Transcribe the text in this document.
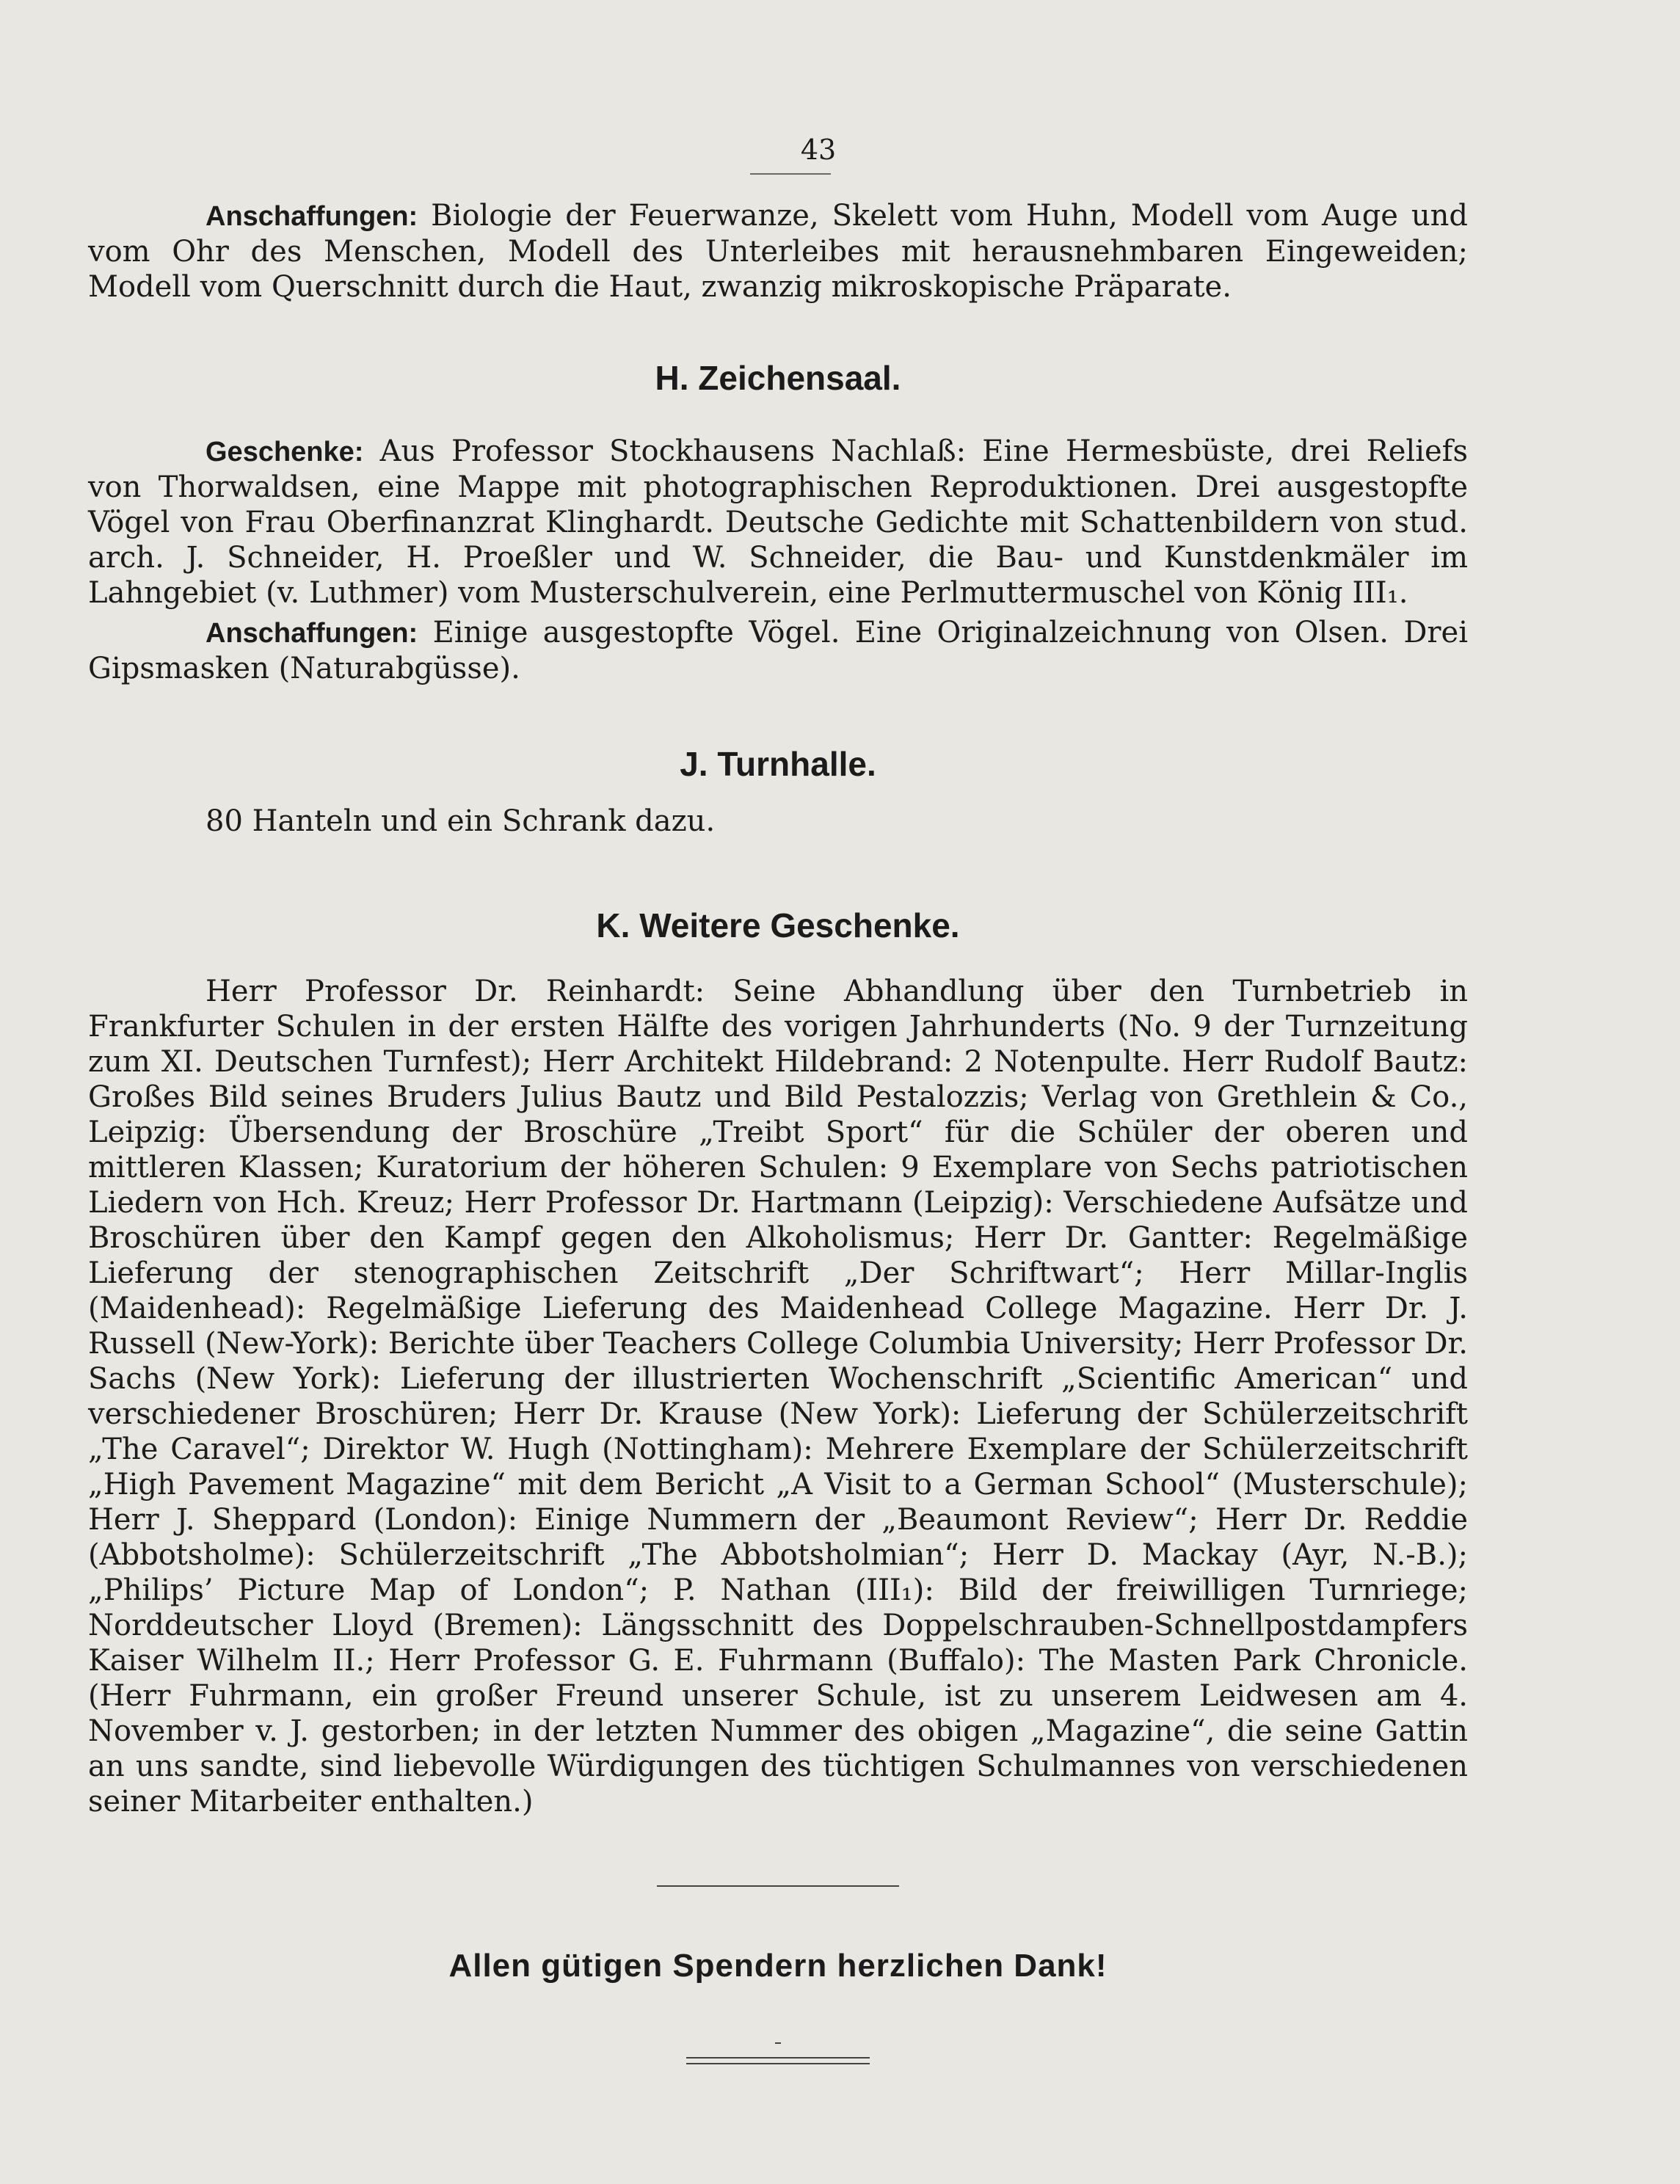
43

Anschaffungen: Biologie der Feuerwanze, Skelett vom Huhn, Modell vom Auge und vom Ohr des Menschen, Modell des Unterleibes mit herausnehmbaren Eingeweiden; Modell vom Querschnitt durch die Haut, zwanzig mikroskopische Präparate.

H. Zeichensaal.

Geschenke: Aus Professor Stockhausens Nachlaß: Eine Hermesbüste, drei Reliefs von Thorwaldsen, eine Mappe mit photographischen Reproduktionen. Drei ausgestopfte Vögel von Frau Oberfinanzrat Klinghardt. Deutsche Gedichte mit Schattenbildern von stud. arch. J. Schneider, H. Proeßler und W. Schneider, die Bau- und Kunstdenkmäler im Lahngebiet (v. Luthmer) vom Musterschulverein, eine Perlmuttermuschel von König III₁.

Anschaffungen: Einige ausgestopfte Vögel. Eine Originalzeichnung von Olsen. Drei Gipsmasken (Naturabgüsse).

J. Turnhalle.

80 Hanteln und ein Schrank dazu.

K. Weitere Geschenke.

Herr Professor Dr. Reinhardt: Seine Abhandlung über den Turnbetrieb in Frankfurter Schulen in der ersten Hälfte des vorigen Jahrhunderts (No. 9 der Turnzeitung zum XI. Deutschen Turnfest); Herr Architekt Hildebrand: 2 Notenpulte. Herr Rudolf Bautz: Großes Bild seines Bruders Julius Bautz und Bild Pestalozzis; Verlag von Grethlein & Co., Leipzig: Übersendung der Broschüre „Treibt Sport“ für die Schüler der oberen und mittleren Klassen; Kuratorium der höheren Schulen: 9 Exemplare von Sechs patriotischen Liedern von Hch. Kreuz; Herr Professor Dr. Hartmann (Leipzig): Verschiedene Aufsätze und Broschüren über den Kampf gegen den Alkoholismus; Herr Dr. Gantter: Regelmäßige Lieferung der stenographischen Zeitschrift „Der Schriftwart“; Herr Millar-Inglis (Maidenhead): Regelmäßige Lieferung des Maidenhead College Magazine. Herr Dr. J. Russell (New-York): Berichte über Teachers College Columbia University; Herr Professor Dr. Sachs (New York): Lieferung der illustrierten Wochenschrift „Scientific American“ und verschiedener Broschüren; Herr Dr. Krause (New York): Lieferung der Schülerzeitschrift „The Caravel“; Direktor W. Hugh (Nottingham): Mehrere Exemplare der Schülerzeitschrift „High Pavement Magazine“ mit dem Bericht „A Visit to a German School“ (Musterschule); Herr J. Sheppard (London): Einige Nummern der „Beaumont Review“; Herr Dr. Reddie (Abbotsholme): Schülerzeitschrift „The Abbotsholmian“; Herr D. Mackay (Ayr, N.-B.); „Philips’ Picture Map of London“; P. Nathan (III₁): Bild der freiwilligen Turnriege; Norddeutscher Lloyd (Bremen): Längsschnitt des Doppelschrauben-Schnellpostdampfers Kaiser Wilhelm II.; Herr Professor G. E. Fuhrmann (Buffalo): The Masten Park Chronicle. (Herr Fuhrmann, ein großer Freund unserer Schule, ist zu unserem Leidwesen am 4. November v. J. gestorben; in der letzten Nummer des obigen „Magazine“, die seine Gattin an uns sandte, sind liebevolle Würdigungen des tüchtigen Schulmannes von verschiedenen seiner Mitarbeiter enthalten.)

Allen gütigen Spendern herzlichen Dank!
